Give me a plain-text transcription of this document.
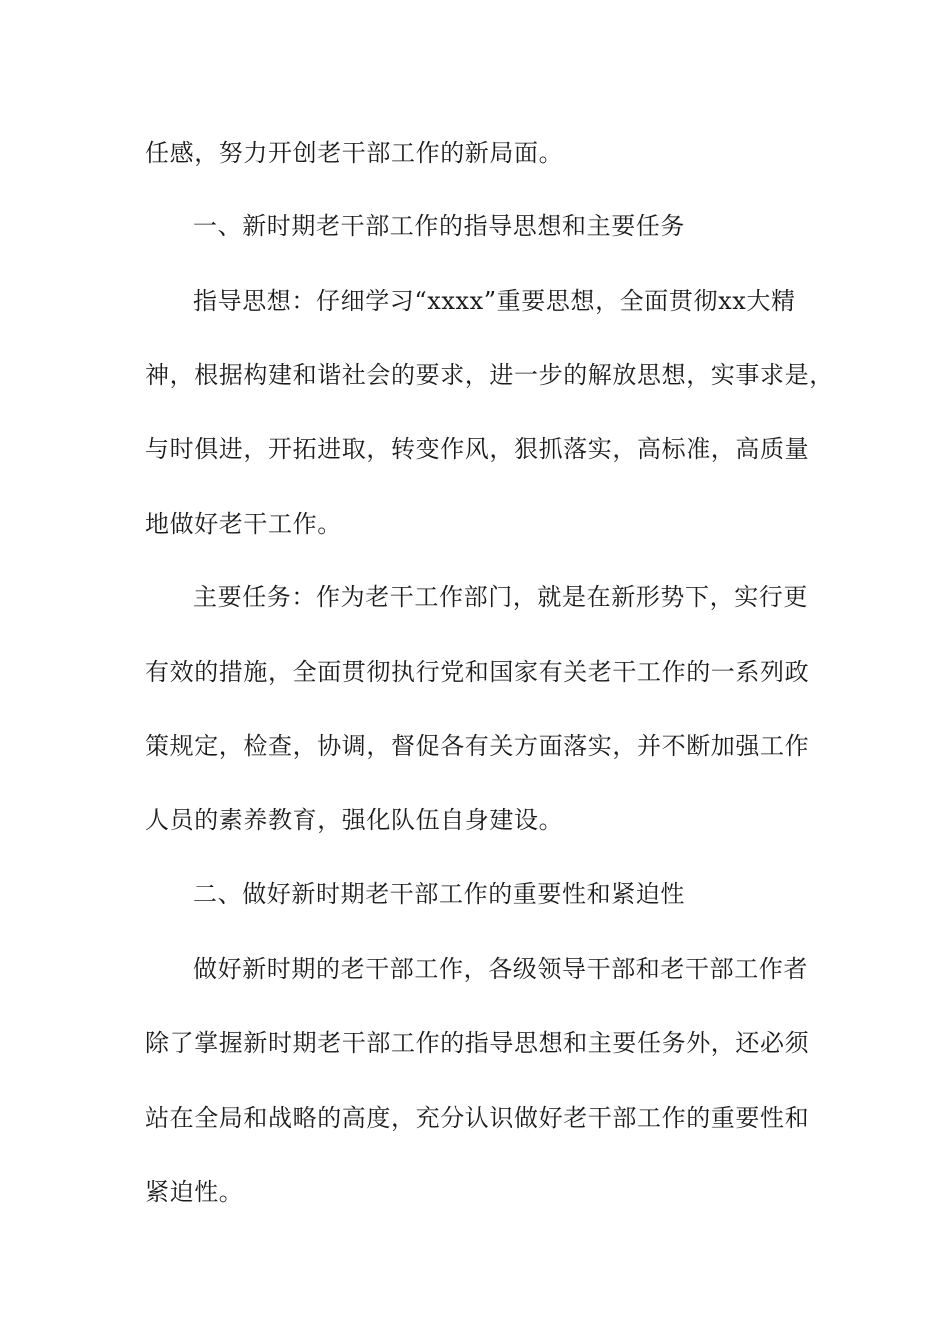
任感，努力开创老干部工作的新局面。
一、新时期老干部工作的指导思想和主要任务
指导思想：仔细学习“xxxx”重要思想，全面贯彻xx大精
神，根据构建和谐社会的要求，进一步的解放思想，实事求是，
与时俱进，开拓进取，转变作风，狠抓落实，高标准，高质量
地做好老干工作。
主要任务：作为老干工作部门，就是在新形势下，实行更
有效的措施，全面贯彻执行党和国家有关老干工作的一系列政
策规定，检查，协调，督促各有关方面落实，并不断加强工作
人员的素养教育，强化队伍自身建设。
二、做好新时期老干部工作的重要性和紧迫性
做好新时期的老干部工作，各级领导干部和老干部工作者
除了掌握新时期老干部工作的指导思想和主要任务外，还必须
站在全局和战略的高度，充分认识做好老干部工作的重要性和
紧迫性。
